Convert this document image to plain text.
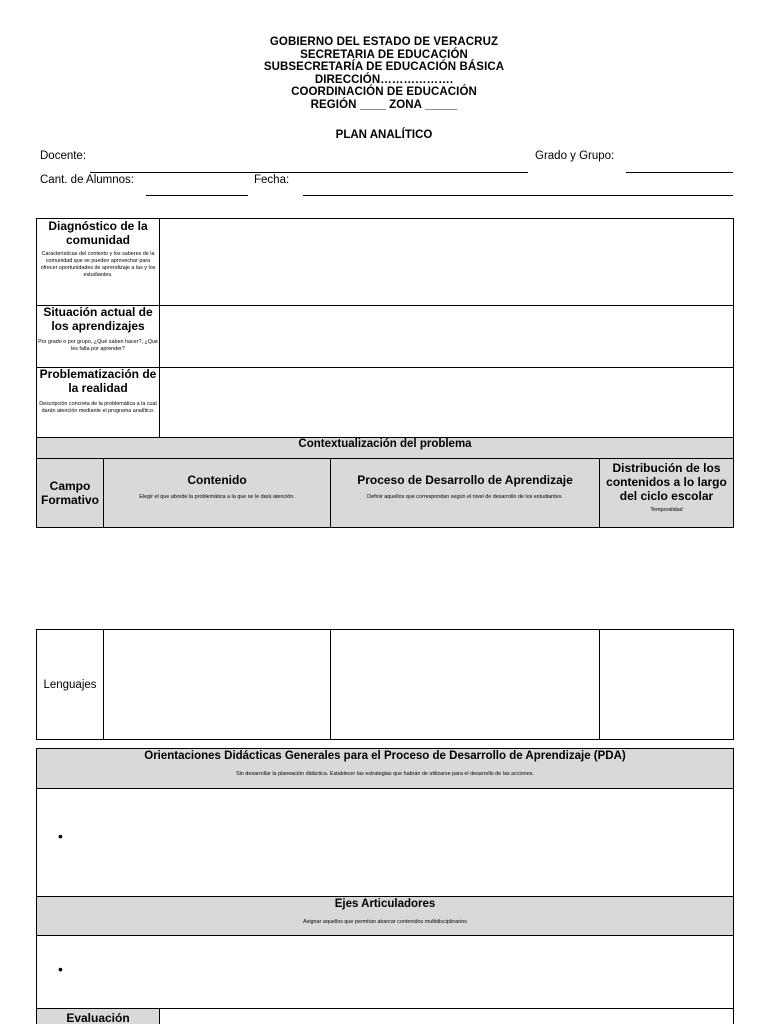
GOBIERNO DEL ESTADO DE VERACRUZ
SECRETARIA DE EDUCACIÓN
SUBSECRETARÍA DE EDUCACIÓN BÁSICA
DIRECCIÓN……………….
COORDINACIÓN DE EDUCACIÓN
REGIÓN ____ ZONA _____
PLAN ANALÍTICO
Docente:	Grado y Grupo:
Cant. de Alumnos:	Fecha:
Diagnóstico de la comunidad
Características del contexto y los saberes de la comunidad que se pueden aprovechar para ofrecer oportunidades de aprendizaje a las y los estudiantes.
Situación actual de los aprendizajes
Por grado o por grupo, ¿Qué saben hacer?, ¿Qué les falta por aprender?
Problematización de la realidad
Descripción concreta de la problemática a la cual darán atención mediante el programa analítico.
Contextualización del problema
Campo Formativo
Contenido
Elegir el que aborde la problemática a la que se le dará atención.
Proceso de Desarrollo de Aprendizaje
Definir aquellos que correspondan según el nivel de desarrollo de los estudiantes.
Distribución de los contenidos a lo largo del ciclo escolar
Temporalidad
Lenguajes
Orientaciones Didácticas Generales para el Proceso de Desarrollo de Aprendizaje (PDA)
Sin desarrollar la planeación didáctica. Establecer las estrategias que habrán de utilizarse para el desarrollo de las acciones.
•
Ejes Articuladores
Asignar aquellos que permitan abarcar contenidos multidisciplinarios
•
Evaluación
